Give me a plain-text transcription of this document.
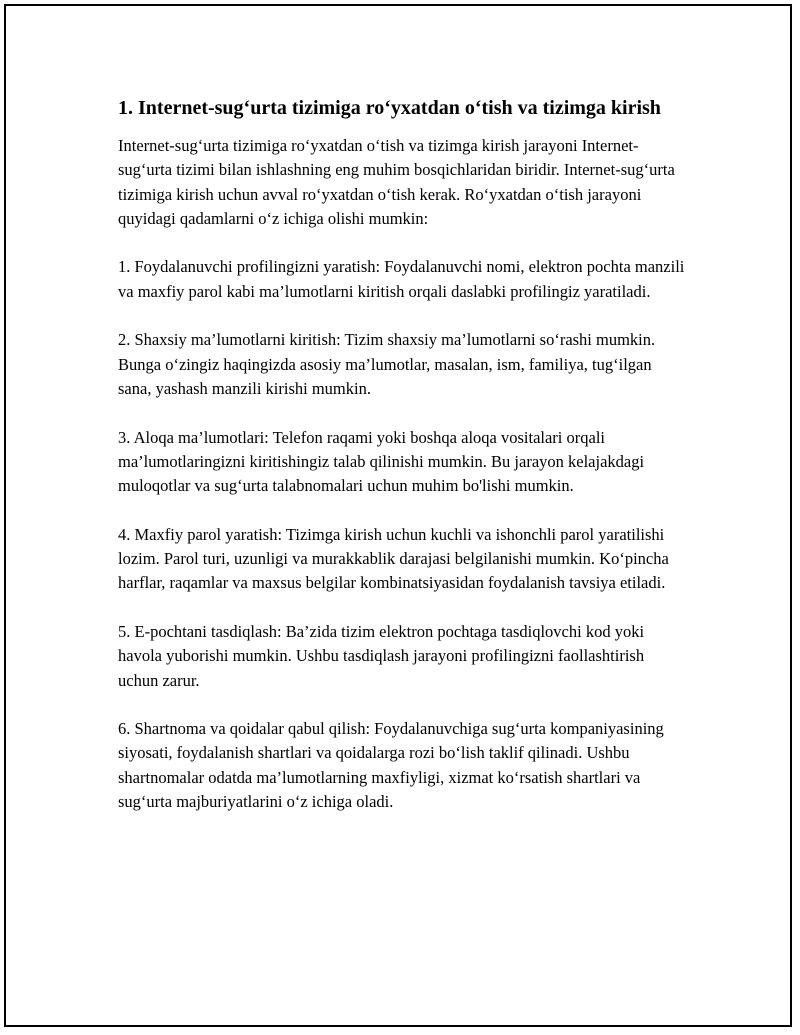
1. Internet-sug‘urta tizimiga ro‘yxatdan o‘tish va tizimga kirish

Internet-sug‘urta tizimiga ro‘yxatdan o‘tish va tizimga kirish jarayoni Internet-sug‘urta tizimi bilan ishlashning eng muhim bosqichlaridan biridir. Internet-sug‘urta tizimiga kirish uchun avval ro‘yxatdan o‘tish kerak. Ro‘yxatdan o‘tish jarayoni quyidagi qadamlarni o‘z ichiga olishi mumkin:

1. Foydalanuvchi profilingizni yaratish: Foydalanuvchi nomi, elektron pochta manzili va maxfiy parol kabi ma’lumotlarni kiritish orqali daslabki profilingiz yaratiladi.

2. Shaxsiy ma’lumotlarni kiritish: Tizim shaxsiy ma’lumotlarni so‘rashi mumkin. Bunga o‘zingiz haqingizda asosiy ma’lumotlar, masalan, ism, familiya, tug‘ilgan sana, yashash manzili kirishi mumkin.

3. Aloqa ma’lumotlari: Telefon raqami yoki boshqa aloqa vositalari orqali ma’lumotlaringizni kiritishingiz talab qilinishi mumkin. Bu jarayon kelajakdagi muloqotlar va sug‘urta talabnomalari uchun muhim bo'lishi mumkin.

4. Maxfiy parol yaratish: Tizimga kirish uchun kuchli va ishonchli parol yaratilishi lozim. Parol turi, uzunligi va murakkablik darajasi belgilanishi mumkin. Ko‘pincha harflar, raqamlar va maxsus belgilar kombinatsiyasidan foydalanish tavsiya etiladi.

5. E-pochtani tasdiqlash: Ba’zida tizim elektron pochtaga tasdiqlovchi kod yoki havola yuborishi mumkin. Ushbu tasdiqlash jarayoni profilingizni faollashtirish uchun zarur.

6. Shartnoma va qoidalar qabul qilish: Foydalanuvchiga sug‘urta kompaniyasining siyosati, foydalanish shartlari va qoidalarga rozi bo‘lish taklif qilinadi. Ushbu shartnomalar odatda ma’lumotlarning maxfiyligi, xizmat ko‘rsatish shartlari va sug‘urta majburiyatlarini o‘z ichiga oladi.
